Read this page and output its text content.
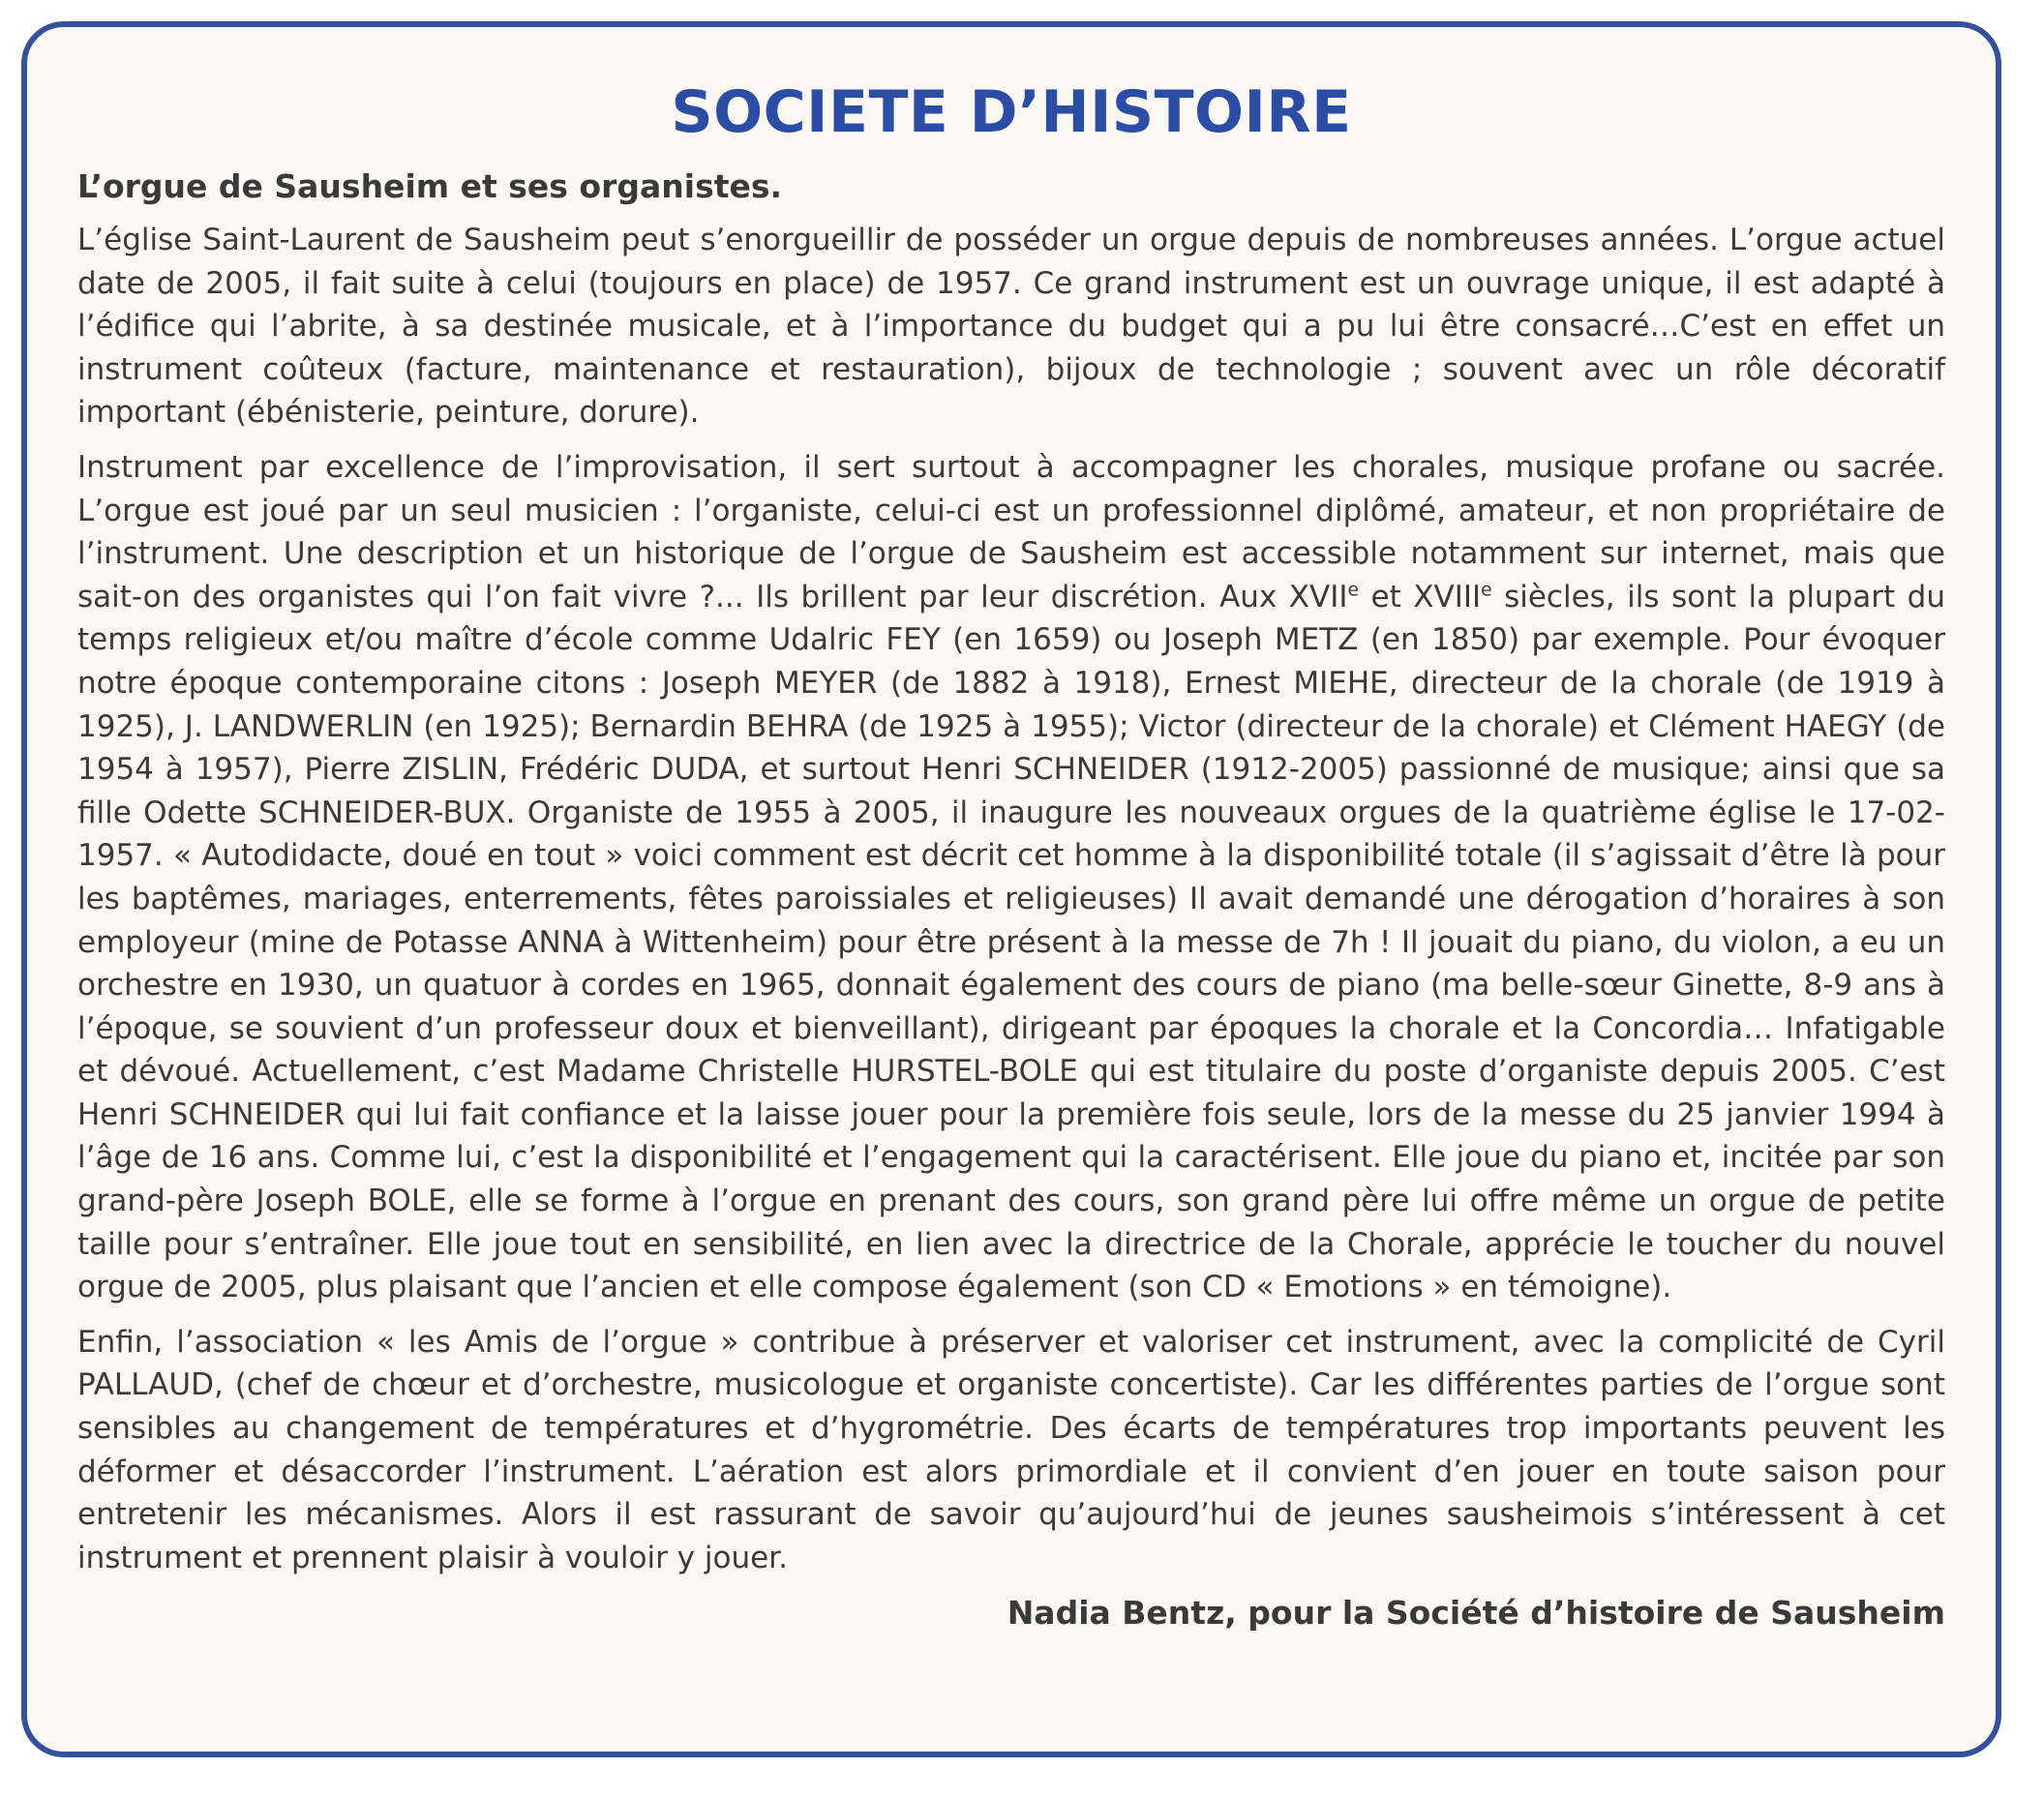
SOCIETE D’HISTOIRE
L’orgue de Sausheim et ses organistes.

L’église Saint-Laurent de Sausheim peut s’enorgueillir de posséder un orgue depuis de nombreuses années. L’orgue actuel date de 2005, il fait suite à celui (toujours en place) de 1957. Ce grand instrument est un ouvrage unique, il est adapté à l’édifice qui l’abrite, à sa destinée musicale, et à l’importance du budget qui a pu lui être consacré…C’est en effet un instrument coûteux (facture, maintenance et restauration), bijoux de technologie ; souvent avec un rôle décoratif important (ébénisterie, peinture, dorure).

Instrument par excellence de l’improvisation, il sert surtout à accompagner les chorales, musique profane ou sacrée. L’orgue est joué par un seul musicien : l’organiste, celui-ci est un professionnel diplômé, amateur, et non propriétaire de l’instrument. Une description et un historique de l’orgue de Sausheim est accessible notamment sur internet, mais que sait-on des organistes qui l’on fait vivre ?... Ils brillent par leur discrétion. Aux XVIIe et XVIIIe siècles, ils sont la plupart du temps religieux et/ou maître d’école comme Udalric FEY (en 1659) ou Joseph METZ (en 1850) par exemple. Pour évoquer notre époque contemporaine citons : Joseph MEYER (de 1882 à 1918), Ernest MIEHE, directeur de la chorale (de 1919 à 1925), J. LANDWERLIN (en 1925); Bernardin BEHRA (de 1925 à 1955); Victor (directeur de la chorale) et Clément HAEGY (de 1954 à 1957), Pierre ZISLIN, Frédéric DUDA, et surtout Henri SCHNEIDER (1912-2005) passionné de musique; ainsi que sa fille Odette SCHNEIDER-BUX. Organiste de 1955 à 2005, il inaugure les nouveaux orgues de la quatrième église le 17-02-1957. « Autodidacte, doué en tout » voici comment est décrit cet homme à la disponibilité totale (il s’agissait d’être là pour les baptêmes, mariages, enterrements, fêtes paroissiales et religieuses) Il avait demandé une dérogation d’horaires à son employeur (mine de Potasse ANNA à Wittenheim) pour être présent à la messe de 7h ! Il jouait du piano, du violon, a eu un orchestre en 1930, un quatuor à cordes en 1965, donnait également des cours de piano (ma belle-sœur Ginette, 8-9 ans à l’époque, se souvient d’un professeur doux et bienveillant), dirigeant par époques la chorale et la Concordia… Infatigable et dévoué. Actuellement, c’est Madame Christelle HURSTEL-BOLE qui est titulaire du poste d’organiste depuis 2005. C’est Henri SCHNEIDER qui lui fait confiance et la laisse jouer pour la première fois seule, lors de la messe du 25 janvier 1994 à l’âge de 16 ans. Comme lui, c’est la disponibilité et l’engagement qui la caractérisent. Elle joue du piano et, incitée par son grand-père Joseph BOLE, elle se forme à l’orgue en prenant des cours, son grand père lui offre même un orgue de petite taille pour s’entraîner. Elle joue tout en sensibilité, en lien avec la directrice de la Chorale, apprécie le toucher du nouvel orgue de 2005, plus plaisant que l’ancien et elle compose également (son CD « Emotions » en témoigne).

Enfin, l’association « les Amis de l’orgue » contribue à préserver et valoriser cet instrument, avec la complicité de Cyril PALLAUD, (chef de chœur et d’orchestre, musicologue et organiste concertiste). Car les différentes parties de l’orgue sont sensibles au changement de températures et d’hygrométrie. Des écarts de températures trop importants peuvent les déformer et désaccorder l’instrument. L’aération est alors primordiale et il convient d’en jouer en toute saison pour entretenir les mécanismes. Alors il est rassurant de savoir qu’aujourd’hui de jeunes sausheimois s’intéressent à cet instrument et prennent plaisir à vouloir y jouer.

Nadia Bentz, pour la Société d’histoire de Sausheim
